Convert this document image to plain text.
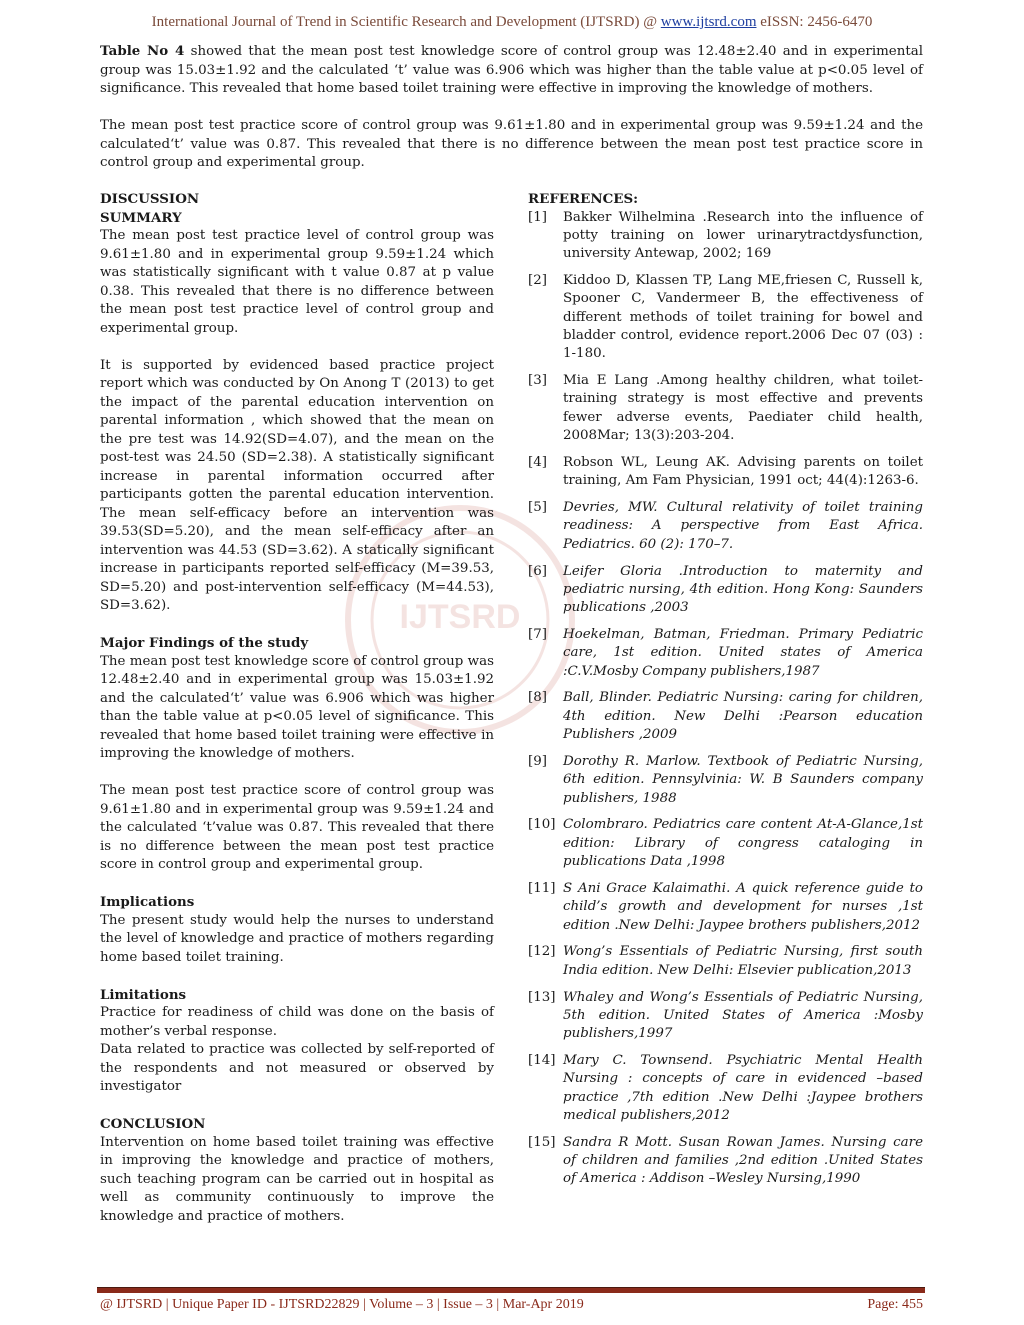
International Journal of Trend in Scientific Research and Development (IJTSRD) @ www.ijtsrd.com eISSN: 2456-6470

Table No 4 showed that the mean post test knowledge score of control group was 12.48±2.40 and in experimental group was 15.03±1.92 and the calculated ‘t’ value was 6.906 which was higher than the table value at p<0.05 level of significance. This revealed that home based toilet training were effective in improving the knowledge of mothers.

The mean post test practice score of control group was 9.61±1.80 and in experimental group was 9.59±1.24 and the calculated‘t’ value was 0.87. This revealed that there is no difference between the mean post test practice score in control group and experimental group.

IJTSRD

DISCUSSION

SUMMARY

The mean post test practice level of control group was 9.61±1.80 and in experimental group 9.59±1.24 which was statistically significant with t value 0.87 at p value 0.38. This revealed that there is no difference between the mean post test practice level of control group and experimental group.

It is supported by evidenced based practice project report which was conducted by On Anong T (2013) to get the impact of the parental education intervention on parental information , which showed that the mean on the pre test was 14.92(SD=4.07), and the mean on the post-test was 24.50 (SD=2.38). A statistically significant increase in parental information occurred after participants gotten the parental education intervention. The mean self-efficacy before an intervention was 39.53(SD=5.20), and the mean self-efficacy after an intervention was 44.53 (SD=3.62). A statically significant increase in participants reported self-efficacy (M=39.53, SD=5.20) and post-intervention self-efficacy (M=44.53), SD=3.62).

Major Findings of the study

The mean post test knowledge score of control group was 12.48±2.40 and in experimental group was 15.03±1.92 and the calculated‘t’ value was 6.906 which was higher than the table value at p<0.05 level of significance. This revealed that home based toilet training were effective in improving the knowledge of mothers.

The mean post test practice score of control group was 9.61±1.80 and in experimental group was 9.59±1.24 and the calculated ‘t’value was 0.87. This revealed that there is no difference between the mean post test practice score in control group and experimental group.

Implications

The present study would help the nurses to understand the level of knowledge and practice of mothers regarding home based toilet training.

Limitations

Practice for readiness of child was done on the basis of mother’s verbal response.

Data related to practice was collected by self-reported of the respondents and not measured or observed by investigator

CONCLUSION

Intervention on home based toilet training was effective in improving the knowledge and practice of mothers, such teaching program can be carried out in hospital as well as community continuously to improve the knowledge and practice of mothers.

REFERENCES:

[1]	Bakker Wilhelmina .Research into the influence of potty training on lower urinarytractdysfunction, university Antewap, 2002; 169
[2]	Kiddoo D, Klassen TP, Lang ME,friesen C, Russell k, Spooner C, Vandermeer B, the effectiveness of different methods of toilet training for bowel and bladder control, evidence report.2006 Dec 07 (03) : 1-180.
[3]	Mia E Lang .Among healthy children, what toilet-training strategy is most effective and prevents fewer adverse events, Paediater child health, 2008Mar; 13(3):203-204.
[4]	Robson WL, Leung AK. Advising parents on toilet training, Am Fam Physician, 1991 oct; 44(4):1263-6.
[5]	Devries, MW. Cultural relativity of toilet training readiness: A perspective from East Africa. Pediatrics. 60 (2): 170–7.
[6]	Leifer Gloria .Introduction to maternity and pediatric nursing, 4th edition. Hong Kong: Saunders publications ,2003
[7]	Hoekelman, Batman, Friedman. Primary Pediatric care, 1st edition. United states of America :C.V.Mosby Company publishers,1987
[8]	Ball, Blinder. Pediatric Nursing: caring for children, 4th edition. New Delhi :Pearson education Publishers ,2009
[9]	Dorothy R. Marlow. Textbook of Pediatric Nursing, 6th edition. Pennsylvinia: W. B Saunders company publishers, 1988
[10] Colombraro. Pediatrics care content At-A-Glance,1st edition: Library of congress cataloging in publications Data ,1998
[11] S Ani Grace Kalaimathi. A quick reference guide to child’s growth and development for nurses ,1st edition .New Delhi: Jaypee brothers publishers,2012
[12] Wong’s Essentials of Pediatric Nursing, first south India edition. New Delhi: Elsevier publication,2013
[13] Whaley and Wong’s Essentials of Pediatric Nursing, 5th edition. United States of America :Mosby publishers,1997
[14] Mary C. Townsend. Psychiatric Mental Health Nursing : concepts of care in evidenced –based practice ,7th edition .New Delhi :Jaypee brothers medical publishers,2012
[15] Sandra R Mott. Susan Rowan James. Nursing care of children and families ,2nd edition .United States of America : Addison –Wesley Nursing,1990
@ IJTSRD | Unique Paper ID - IJTSRD22829 | Volume – 3 | Issue – 3 | Mar-Apr 2019	Page: 455
